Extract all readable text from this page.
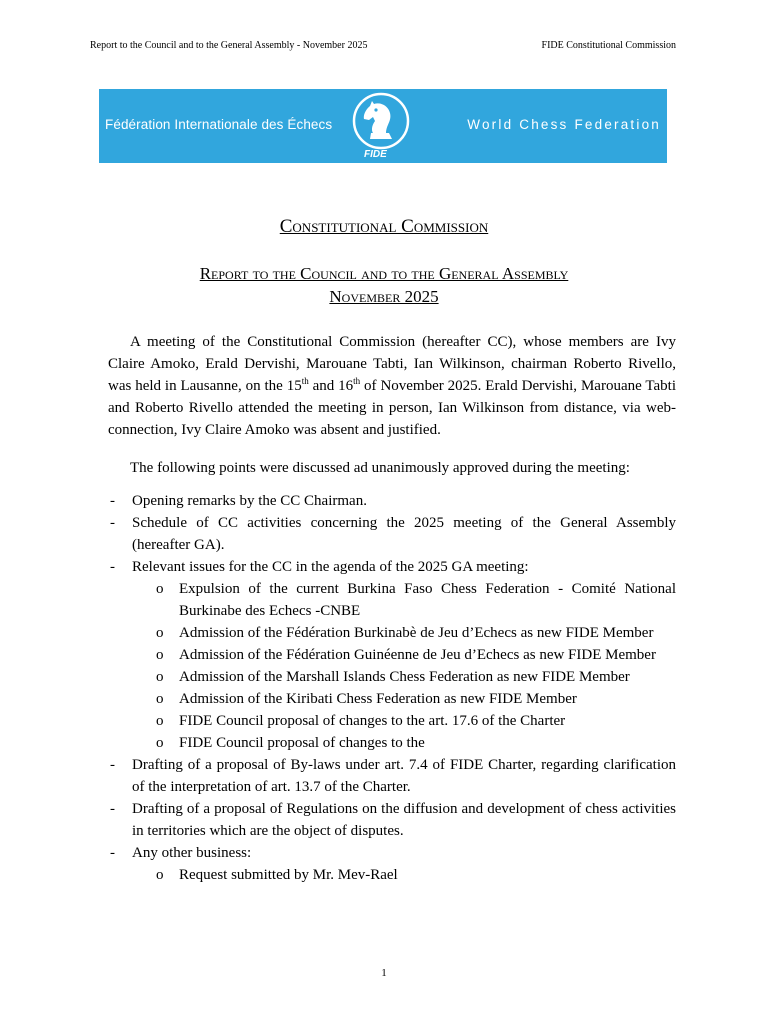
Report to the Council and to the General Assembly - November 2025	FIDE Constitutional Commission
Fédération Internationale des Échecs
FIDE
World Chess Federation
Constitutional Commission
Report to the Council and to the General Assembly
November 2025
A meeting of the Constitutional Commission (hereafter CC), whose members are Ivy Claire Amoko, Erald Dervishi, Marouane Tabti, Ian Wilkinson, chairman Roberto Rivello, was held in Lausanne, on the 15th and 16th of November 2025. Erald Dervishi, Marouane Tabti and Roberto Rivello attended the meeting in person, Ian Wilkinson from distance, via web-connection, Ivy Claire Amoko was absent and justified.
The following points were discussed ad unanimously approved during the meeting:
- Opening remarks by the CC Chairman.
- Schedule of CC activities concerning the 2025 meeting of the General Assembly (hereafter GA).
- Relevant issues for the CC in the agenda of the 2025 GA meeting:
o Expulsion of the current Burkina Faso Chess Federation - Comité National Burkinabe des Echecs -CNBE
o Admission of the Fédération Burkinabè de Jeu d’Echecs as new FIDE Member
o Admission of the Fédération Guinéenne de Jeu d’Echecs as new FIDE Member
o Admission of the Marshall Islands Chess Federation as new FIDE Member
o Admission of the Kiribati Chess Federation as new FIDE Member
o FIDE Council proposal of changes to the art. 17.6 of the Charter
o FIDE Council proposal of changes to the
- Drafting of a proposal of By-laws under art. 7.4 of FIDE Charter, regarding clarification of the interpretation of art. 13.7 of the Charter.
- Drafting of a proposal of Regulations on the diffusion and development of chess activities in territories which are the object of disputes.
- Any other business:
o Request submitted by Mr. Mev-Rael
1
